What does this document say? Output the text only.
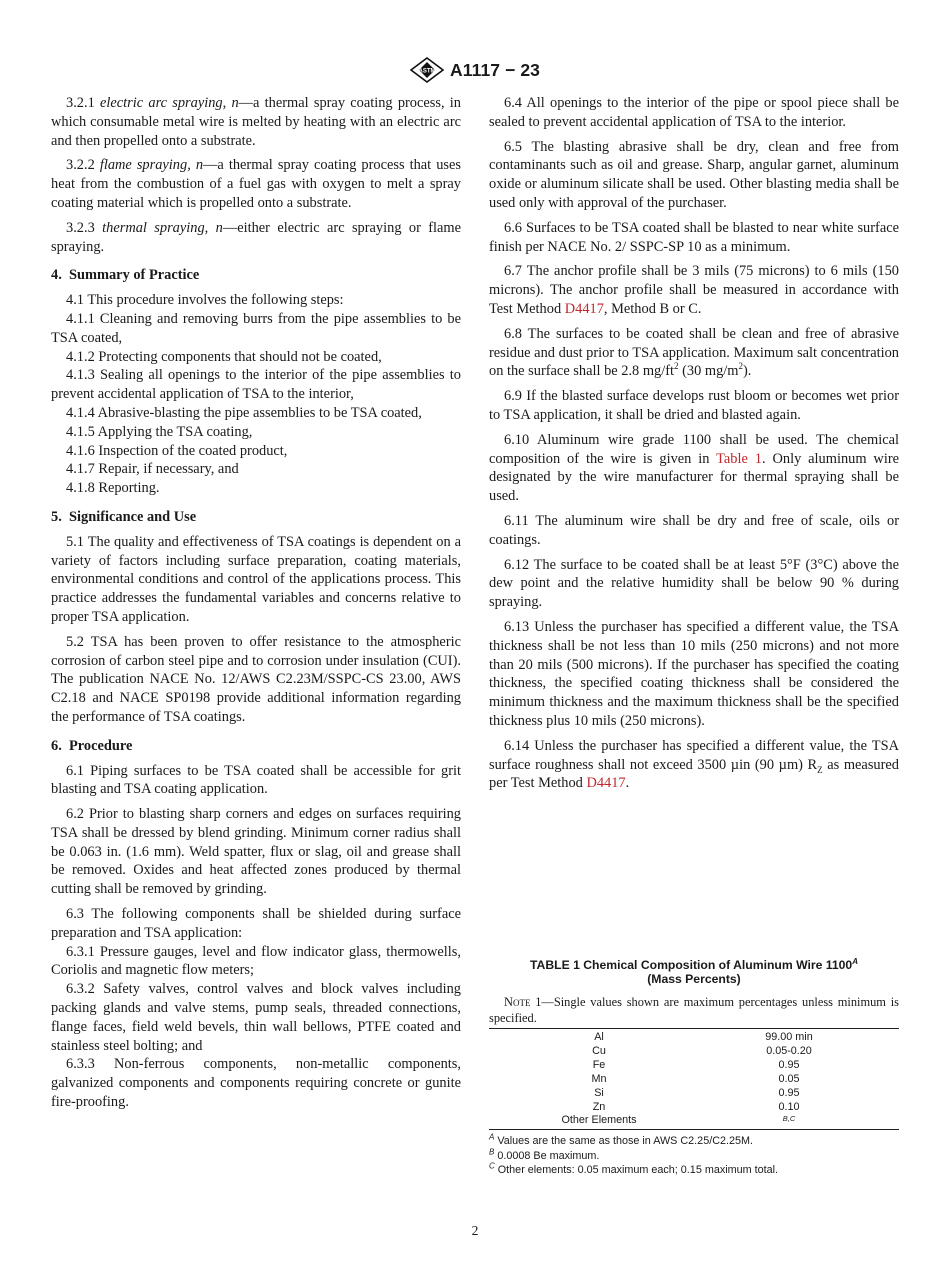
ASTM A1117 − 23

3.2.1 electric arc spraying, n—a thermal spray coating process, in which consumable metal wire is melted by heating with an electric arc and then propelled onto a substrate.

3.2.2 flame spraying, n—a thermal spray coating process that uses heat from the combustion of a fuel gas with oxygen to melt a spray coating material which is propelled onto a substrate.

3.2.3 thermal spraying, n—either electric arc spraying or flame spraying.

4. Summary of Practice

4.1 This procedure involves the following steps:

4.1.1 Cleaning and removing burrs from the pipe assemblies to be TSA coated,

4.1.2 Protecting components that should not be coated,

4.1.3 Sealing all openings to the interior of the pipe assemblies to prevent accidental application of TSA to the interior,

4.1.4 Abrasive-blasting the pipe assemblies to be TSA coated,

4.1.5 Applying the TSA coating,

4.1.6 Inspection of the coated product,

4.1.7 Repair, if necessary, and

4.1.8 Reporting.

5. Significance and Use

5.1 The quality and effectiveness of TSA coatings is dependent on a variety of factors including surface preparation, coating materials, environmental conditions and control of the applications process. This practice addresses the fundamental variables and concerns relative to proper TSA application.

5.2 TSA has been proven to offer resistance to the atmospheric corrosion of carbon steel pipe and to corrosion under insulation (CUI). The publication NACE No. 12/AWS C2.23M/SSPC-CS 23.00, AWS C2.18 and NACE SP0198 provide additional information regarding the performance of TSA coatings.

6. Procedure

6.1 Piping surfaces to be TSA coated shall be accessible for grit blasting and TSA coating application.

6.2 Prior to blasting sharp corners and edges on surfaces requiring TSA shall be dressed by blend grinding. Minimum corner radius shall be 0.063 in. (1.6 mm). Weld spatter, flux or slag, oil and grease shall be removed. Oxides and heat affected zones produced by thermal cutting shall be removed by grinding.

6.3 The following components shall be shielded during surface preparation and TSA application:

6.3.1 Pressure gauges, level and flow indicator glass, thermowells, Coriolis and magnetic flow meters;

6.3.2 Safety valves, control valves and block valves including packing glands and valve stems, pump seals, threaded connections, flange faces, field weld bevels, thin wall bellows, PTFE coated and stainless steel bolting; and

6.3.3 Non-ferrous components, non-metallic components, galvanized components and components requiring concrete or gunite fire-proofing.

6.4 All openings to the interior of the pipe or spool piece shall be sealed to prevent accidental application of TSA to the interior.

6.5 The blasting abrasive shall be dry, clean and free from contaminants such as oil and grease. Sharp, angular garnet, aluminum oxide or aluminum silicate shall be used. Other blasting media shall be used only with approval of the purchaser.

6.6 Surfaces to be TSA coated shall be blasted to near white surface finish per NACE No. 2/ SSPC-SP 10 as a minimum.

6.7 The anchor profile shall be 3 mils (75 microns) to 6 mils (150 microns). The anchor profile shall be measured in accordance with Test Method D4417, Method B or C.

6.8 The surfaces to be coated shall be clean and free of abrasive residue and dust prior to TSA application. Maximum salt concentration on the surface shall be 2.8 $mg/ft^2$ (30 $mg/m^2$).

6.9 If the blasted surface develops rust bloom or becomes wet prior to TSA application, it shall be dried and blasted again.

6.10 Aluminum wire grade 1100 shall be used. The chemical composition of the wire is given in Table 1. Only aluminum wire designated by the wire manufacturer for thermal spraying shall be used.

6.11 The aluminum wire shall be dry and free of scale, oils or coatings.

6.12 The surface to be coated shall be at least 5°F (3°C) above the dew point and the relative humidity shall be below 90 % during spraying.

6.13 Unless the purchaser has specified a different value, the TSA thickness shall be not less than 10 mils (250 microns) and not more than 20 mils (500 microns). If the purchaser has specified the coating thickness, the specified coating thickness shall be considered the minimum thickness and the maximum thickness shall be the specified thickness plus 10 mils (250 microns).

6.14 Unless the purchaser has specified a different value, the TSA surface roughness shall not exceed 3500 µin (90 µm) $R_Z$ as measured per Test Method D4417.

TABLE 1 Chemical Composition of Aluminum Wire 1100$^A$
(Mass Percents)

Note 1—Single values shown are maximum percentages unless minimum is specified.

Al	99.00 min
Cu	0.05-0.20
Fe	0.95
Mn	0.05
Si	0.95
Zn	0.10
Other Elements	$^{B,C}$
$^A$ Values are the same as those in AWS C2.25/C2.25M.
$^B$ 0.0008 Be maximum.
$^C$ Other elements: 0.05 maximum each; 0.15 maximum total.
2
